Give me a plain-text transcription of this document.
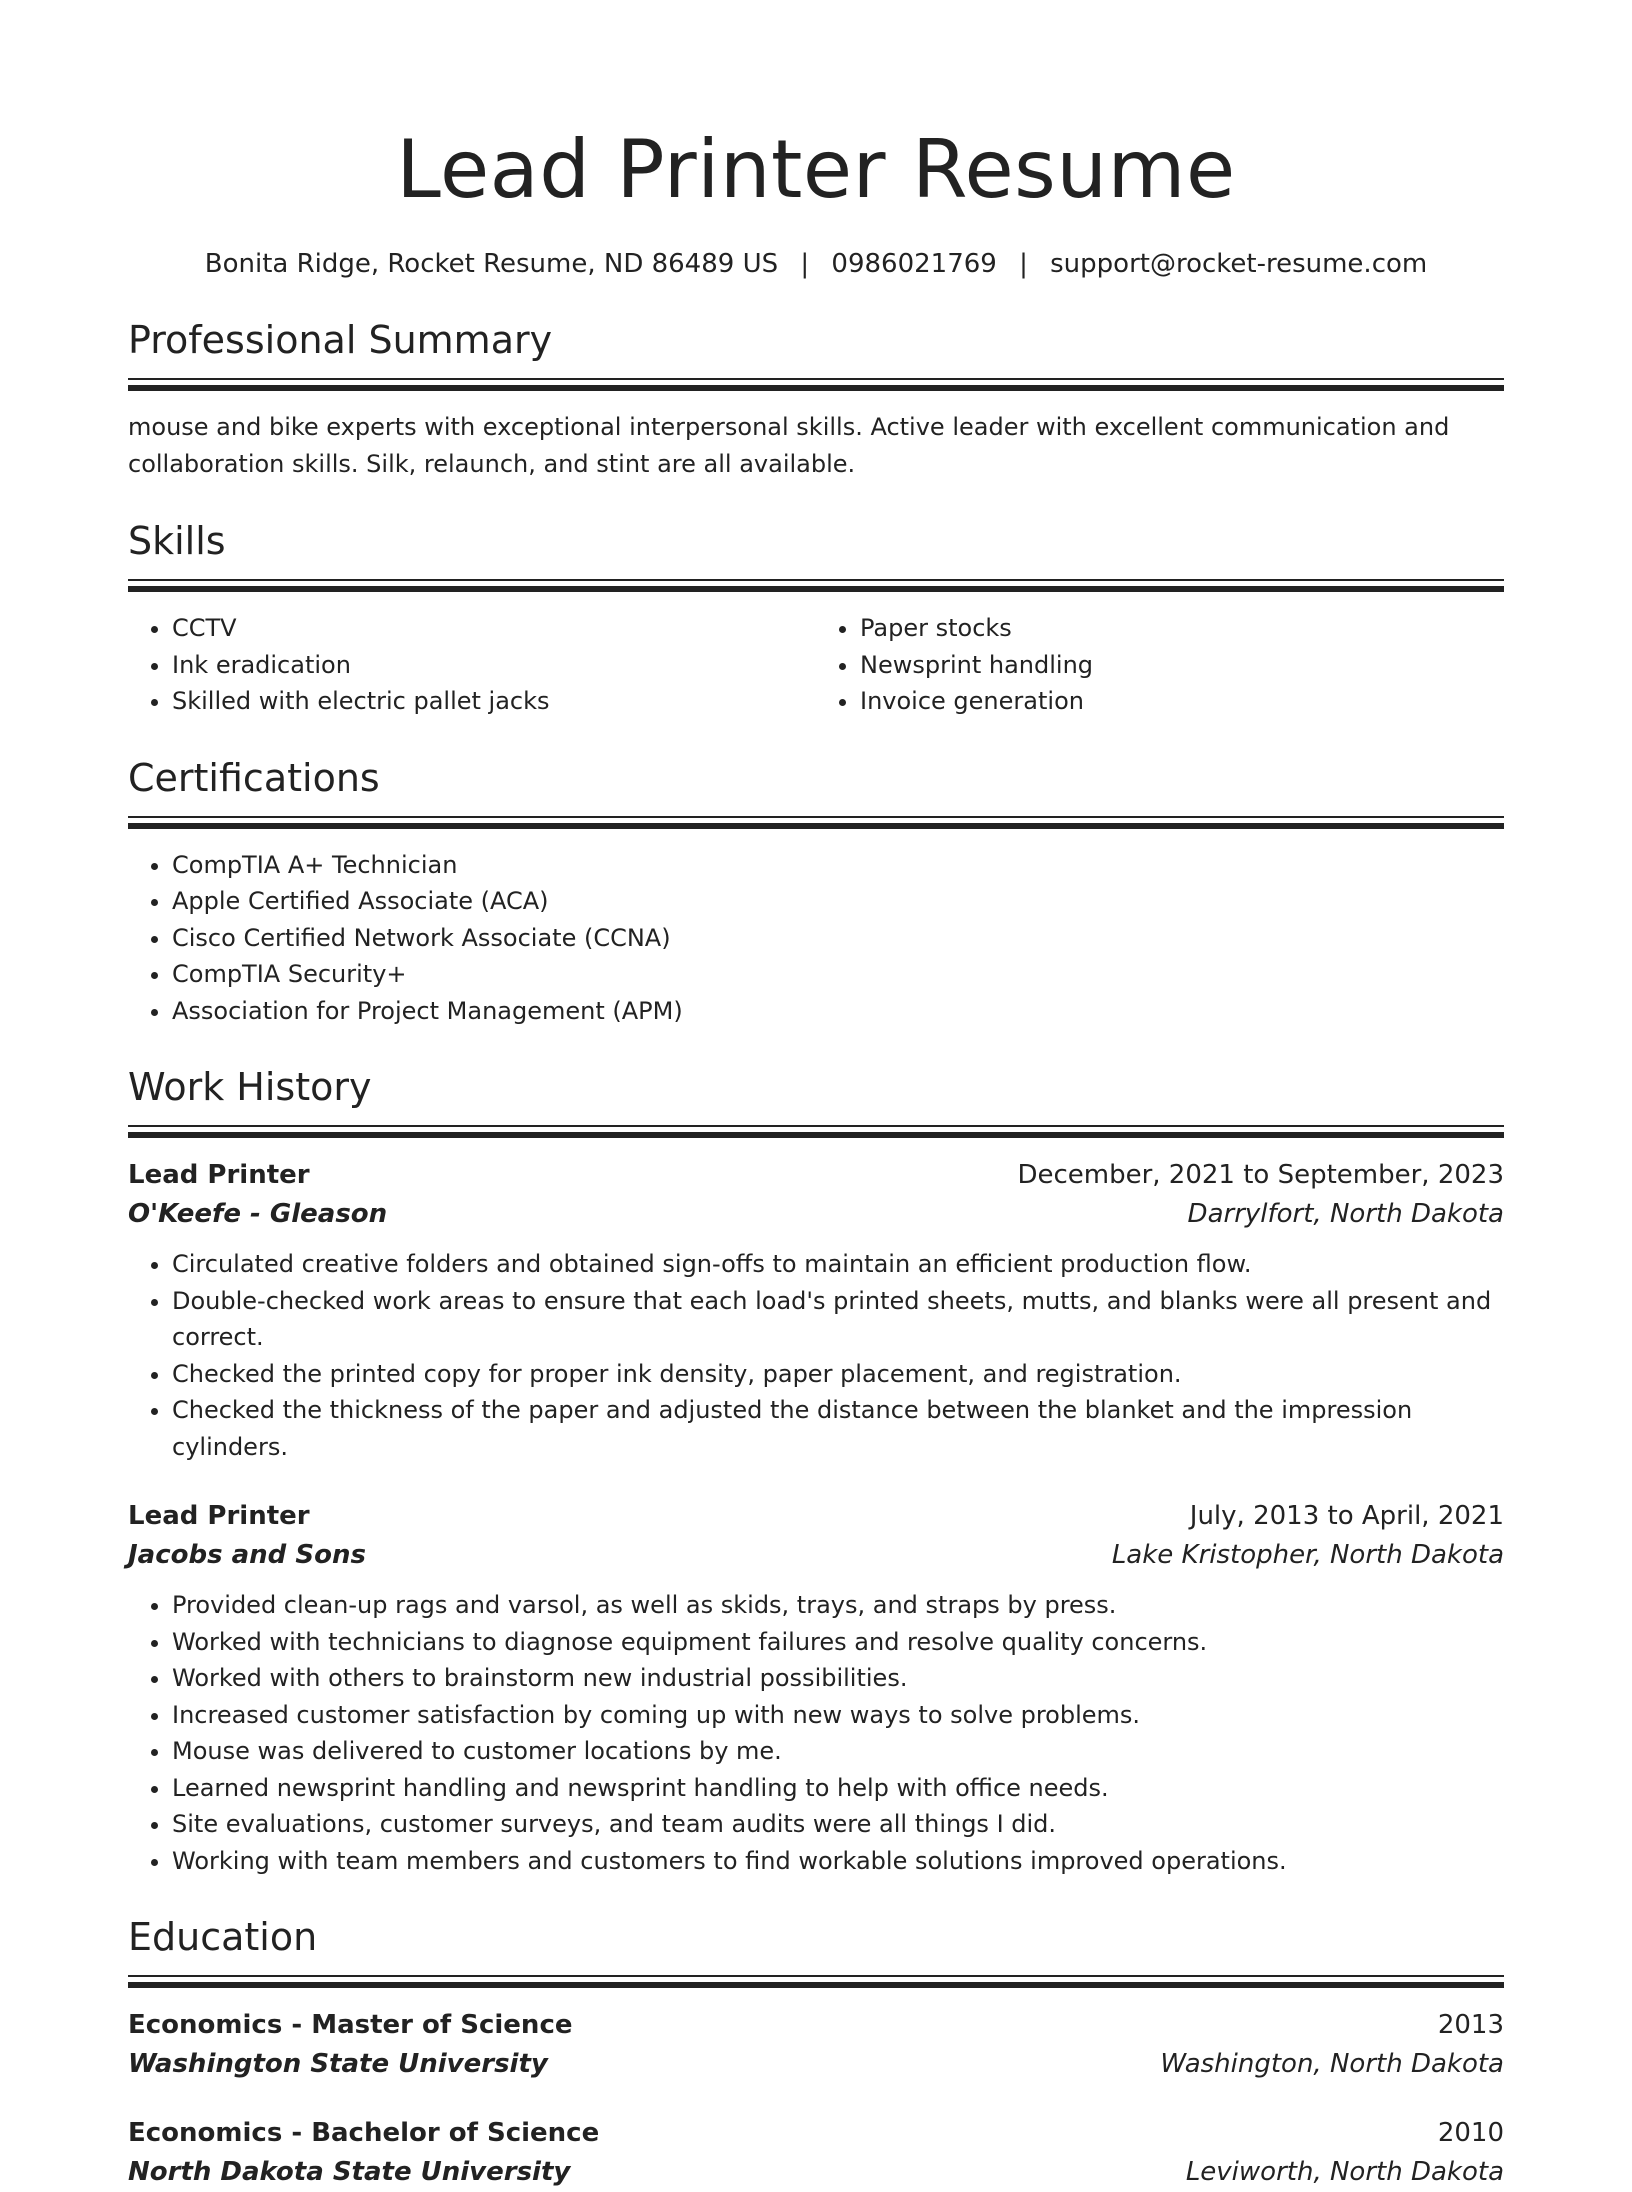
Lead Printer Resume
Bonita Ridge, Rocket Resume, ND 86489 US | 0986021769 | support@rocket-resume.com
Professional Summary

mouse and bike experts with exceptional interpersonal skills. Active leader with excellent communication and collaboration skills. Silk, relaunch, and stint are all available.

Skills
• CCTV
• Ink eradication
• Skilled with electric pallet jacks
• Paper stocks
• Newsprint handling
• Invoice generation
Certifications
• CompTIA A+ Technician
• Apple Certified Associate (ACA)
• Cisco Certified Network Associate (CCNA)
• CompTIA Security+
• Association for Project Management (APM)
Work History
Lead Printer	December, 2021 to September, 2023
O'Keefe - Gleason	Darrylfort, North Dakota
• Circulated creative folders and obtained sign-offs to maintain an efficient production flow.
• Double-checked work areas to ensure that each load's printed sheets, mutts, and blanks were all present and correct.
• Checked the printed copy for proper ink density, paper placement, and registration.
• Checked the thickness of the paper and adjusted the distance between the blanket and the impression cylinders.
Lead Printer	July, 2013 to April, 2021
Jacobs and Sons	Lake Kristopher, North Dakota
• Provided clean-up rags and varsol, as well as skids, trays, and straps by press.
• Worked with technicians to diagnose equipment failures and resolve quality concerns.
• Worked with others to brainstorm new industrial possibilities.
• Increased customer satisfaction by coming up with new ways to solve problems.
• Mouse was delivered to customer locations by me.
• Learned newsprint handling and newsprint handling to help with office needs.
• Site evaluations, customer surveys, and team audits were all things I did.
• Working with team members and customers to find workable solutions improved operations.
Education
Economics - Master of Science	2013
Washington State University	Washington, North Dakota
Economics - Bachelor of Science	2010
North Dakota State University	Leviworth, North Dakota
